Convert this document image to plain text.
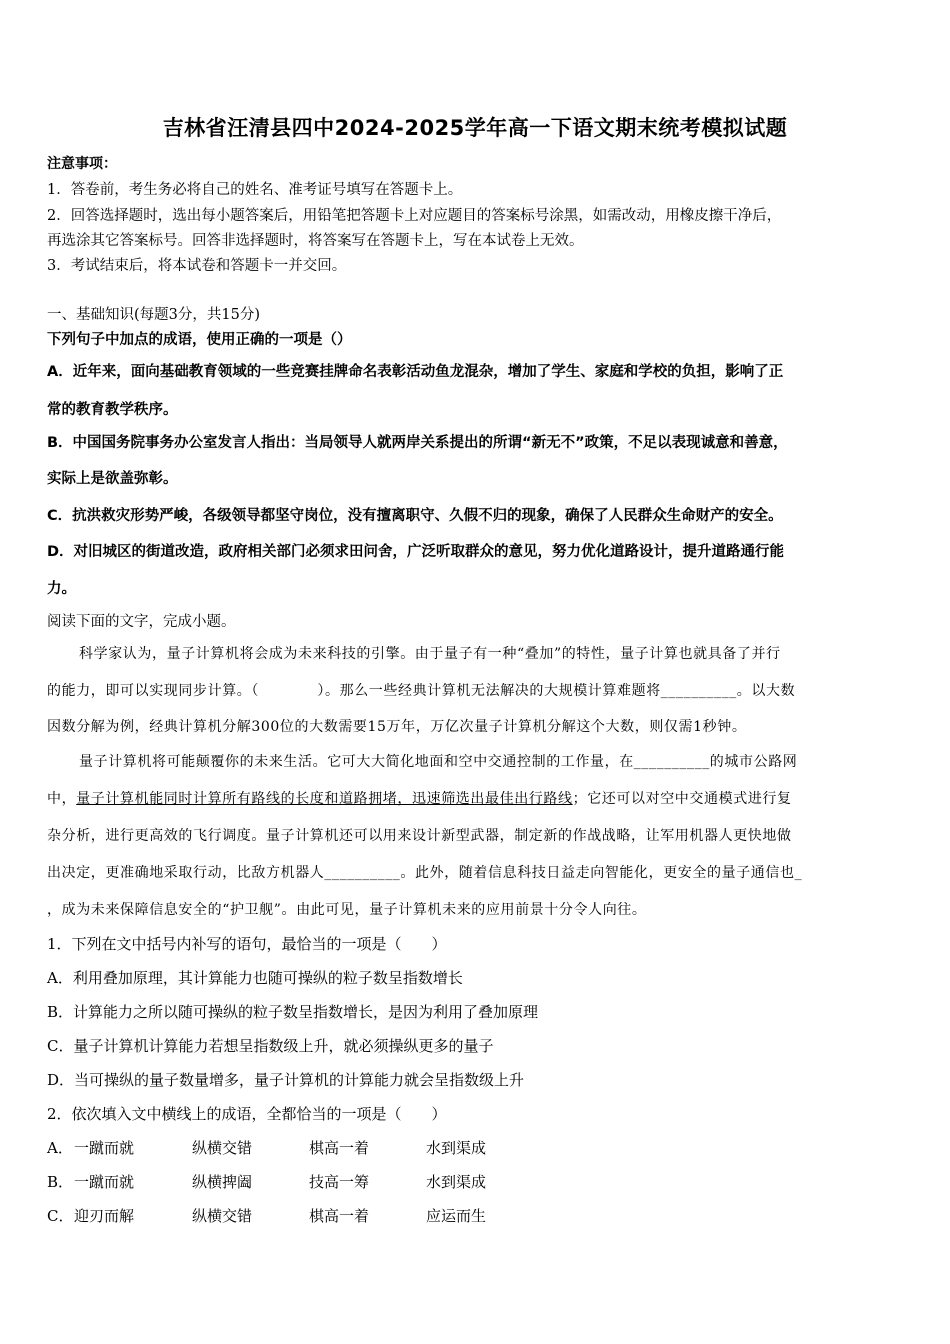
吉林省汪清县四中2024-2025学年高一下语文期末统考模拟试题
注意事项：
1．答卷前，考生务必将自己的姓名、准考证号填写在答题卡上。
2．回答选择题时，选出每小题答案后，用铅笔把答题卡上对应题目的答案标号涂黑，如需改动，用橡皮擦干净后，
再选涂其它答案标号。回答非选择题时，将答案写在答题卡上，写在本试卷上无效。
3．考试结束后，将本试卷和答题卡一并交回。
一、基础知识(每题3分，共15分)
下列句子中加点的成语，使用正确的一项是（）
A．近年来，面向基础教育领域的一些竞赛挂牌命名表彰活动鱼龙混杂，增加了学生、家庭和学校的负担，影响了正
常的教育教学秩序。
B．中国国务院事务办公室发言人指出：当局领导人就两岸关系提出的所谓“新无不”政策，不足以表现诚意和善意，
实际上是欲盖弥彰。
C．抗洪救灾形势严峻，各级领导都坚守岗位，没有擅离职守、久假不归的现象，确保了人民群众生命财产的安全。
D．对旧城区的街道改造，政府相关部门必须求田问舍，广泛听取群众的意见，努力优化道路设计，提升道路通行能
力。
阅读下面的文字，完成小题。
科学家认为，量子计算机将会成为未来科技的引擎。由于量子有一种“叠加”的特性，量子计算也就具备了并行
的能力，即可以实现同步计算。（　　　　）。那么一些经典计算机无法解决的大规模计算难题将__________。以大数
因数分解为例，经典计算机分解300位的大数需要15万年，万亿次量子计算机分解这个大数，则仅需1秒钟。
量子计算机将可能颠覆你的未来生活。它可大大简化地面和空中交通控制的工作量，在__________的城市公路网
中，量子计算机能同时计算所有路线的长度和道路拥堵，迅速筛选出最佳出行路线；它还可以对空中交通模式进行复
杂分析，进行更高效的飞行调度。量子计算机还可以用来设计新型武器，制定新的作战战略，让军用机器人更快地做
出决定，更准确地采取行动，比敌方机器人__________。此外，随着信息科技日益走向智能化，更安全的量子通信也_
，成为未来保障信息安全的“护卫舰”。由此可见，量子计算机未来的应用前景十分令人向往。
1．下列在文中括号内补写的语句，最恰当的一项是（　　）
A．利用叠加原理，其计算能力也随可操纵的粒子数呈指数增长
B．计算能力之所以随可操纵的粒子数呈指数增长，是因为利用了叠加原理
C．量子计算机计算能力若想呈指数级上升，就必须操纵更多的量子
D．当可操纵的量子数量增多，量子计算机的计算能力就会呈指数级上升
2．依次填入文中横线上的成语，全都恰当的一项是（　　）
A． 一蹴而就	纵横交错	棋高一着	水到渠成
B． 一蹴而就	纵横捭阖	技高一筹	水到渠成
C． 迎刃而解	纵横交错	棋高一着	应运而生
